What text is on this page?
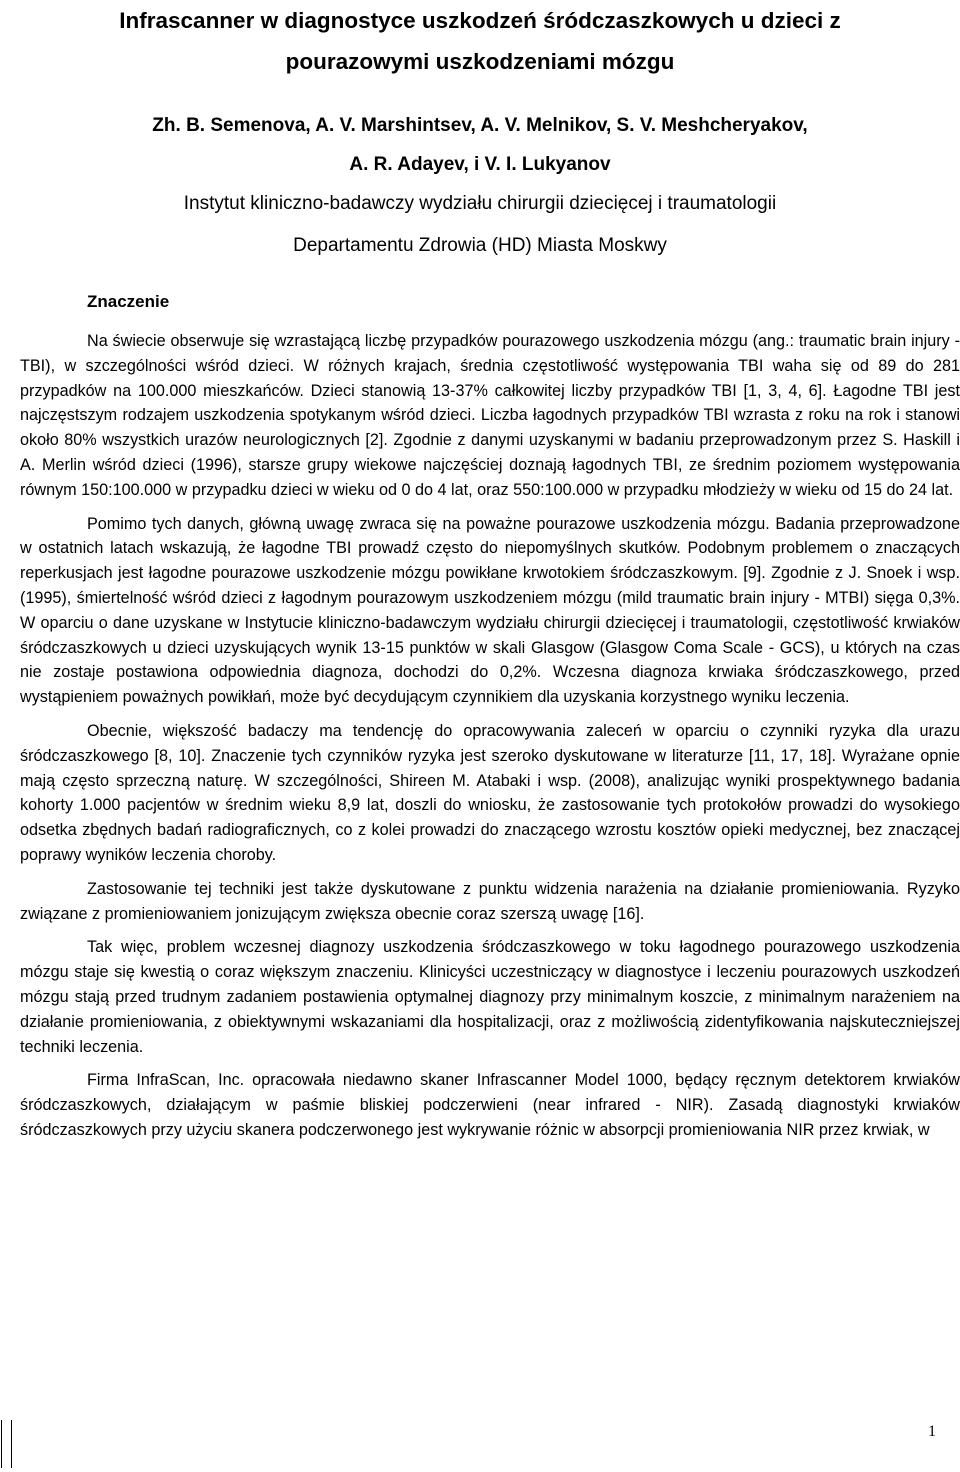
Infrascanner w diagnostyce uszkodzeń śródczaszkowych u dzieci z
pourazowymi uszkodzeniami mózgu
Zh. B. Semenova, A. V. Marshintsev, A. V. Melnikov, S. V. Meshcheryakov,
A. R. Adayev, i V. I. Lukyanov
Instytut kliniczno-badawczy wydziału chirurgii dziecięcej i traumatologii
Departamentu Zdrowia (HD) Miasta Moskwy
Znaczenie

Na świecie obserwuje się wzrastającą liczbę przypadków pourazowego uszkodzenia mózgu (ang.: traumatic brain injury - TBI), w szczególności wśród dzieci. W różnych krajach, średnia częstotliwość występowania TBI waha się od 89 do 281 przypadków na 100.000 mieszkańców. Dzieci stanowią 13-37% całkowitej liczby przypadków TBI [1, 3, 4, 6]. Łagodne TBI jest najczęstszym rodzajem uszkodzenia spotykanym wśród dzieci. Liczba łagodnych przypadków TBI wzrasta z roku na rok i stanowi około 80% wszystkich urazów neurologicznych [2]. Zgodnie z danymi uzyskanymi w badaniu przeprowadzonym przez S. Haskill i A. Merlin wśród dzieci (1996), starsze grupy wiekowe najczęściej doznają łagodnych TBI, ze średnim poziomem występowania równym 150:100.000 w przypadku dzieci w wieku od 0 do 4 lat, oraz 550:100.000 w przypadku młodzieży w wieku od 15 do 24 lat.

Pomimo tych danych, główną uwagę zwraca się na poważne pourazowe uszkodzenia mózgu. Badania przeprowadzone w ostatnich latach wskazują, że łagodne TBI prowadź często do niepomyślnych skutków. Podobnym problemem o znaczących reperkusjach jest łagodne pourazowe uszkodzenie mózgu powikłane krwotokiem śródczaszkowym. [9]. Zgodnie z J. Snoek i wsp. (1995), śmiertelność wśród dzieci z łagodnym pourazowym uszkodzeniem mózgu (mild traumatic brain injury - MTBI) sięga 0,3%. W oparciu o dane uzyskane w Instytucie kliniczno-badawczym wydziału chirurgii dziecięcej i traumatologii, częstotliwość krwiaków śródczaszkowych u dzieci uzyskujących wynik 13-15 punktów w skali Glasgow (Glasgow Coma Scale - GCS), u których na czas nie zostaje postawiona odpowiednia diagnoza, dochodzi do 0,2%. Wczesna diagnoza krwiaka śródczaszkowego, przed wystąpieniem poważnych powikłań, może być decydującym czynnikiem dla uzyskania korzystnego wyniku leczenia.

Obecnie, większość badaczy ma tendencję do opracowywania zaleceń w oparciu o czynniki ryzyka dla urazu śródczaszkowego [8, 10]. Znaczenie tych czynników ryzyka jest szeroko dyskutowane w literaturze [11, 17, 18]. Wyrażane opnie mają często sprzeczną naturę. W szczególności, Shireen M. Atabaki i wsp. (2008), analizując wyniki prospektywnego badania kohorty 1.000 pacjentów w średnim wieku 8,9 lat, doszli do wniosku, że zastosowanie tych protokołów prowadzi do wysokiego odsetka zbędnych badań radiograficznych, co z kolei prowadzi do znaczącego wzrostu kosztów opieki medycznej, bez znaczącej poprawy wyników leczenia choroby.

Zastosowanie tej techniki jest także dyskutowane z punktu widzenia narażenia na działanie promieniowania. Ryzyko związane z promieniowaniem jonizującym zwiększa obecnie coraz szerszą uwagę [16].

Tak więc, problem wczesnej diagnozy uszkodzenia śródczaszkowego w toku łagodnego pourazowego uszkodzenia mózgu staje się kwestią o coraz większym znaczeniu. Klinicyści uczestniczący w diagnostyce i leczeniu pourazowych uszkodzeń mózgu stają przed trudnym zadaniem postawienia optymalnej diagnozy przy minimalnym koszcie, z minimalnym narażeniem na działanie promieniowania, z obiektywnymi wskazaniami dla hospitalizacji, oraz z możliwością zidentyfikowania najskuteczniejszej techniki leczenia.

Firma InfraScan, Inc. opracowała niedawno skaner Infrascanner Model 1000, będący ręcznym detektorem krwiaków śródczaszkowych, działającym w paśmie bliskiej podczerwieni (near infrared - NIR). Zasadą diagnostyki krwiaków śródczaszkowych przy użyciu skanera podczerwonego jest wykrywanie różnic w absorpcji promieniowania NIR przez krwiak, w

1
